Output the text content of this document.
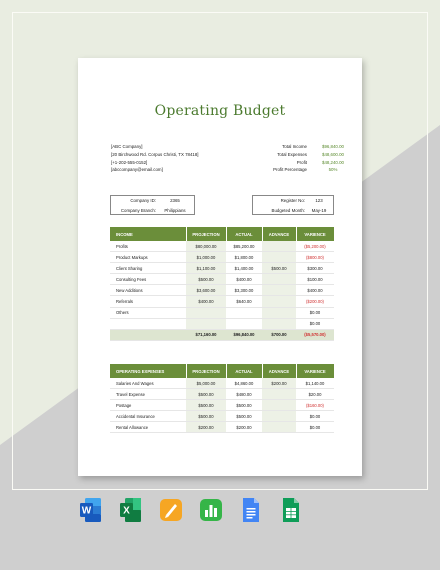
Operating Budget
[ABC Company]
[20 Birchwood Rd. Corpus Christi, TX 78418]
[+1-202-555-0152]
[abccompany@email.com]
Total Income	$96,840.00
Total Expenses	$48,600.00
Profit	$48,240.00
Profit Percentage	50%
Company ID:	2365
Company Branch:	Philippians
Register No:	123
Budgeted Month:	May-19
INCOME	PROJECTION	ACTUAL	ADVANCE	VARIENCE
Profits	$80,000.00	$85,200.00		($5,200.00)
Product Markups	$1,000.00	$1,800.00		($800.00)
Client Sharing	$1,100.00	$1,400.00	$500.00	$300.00
Consulting Fees	$500.00	$400.00		$100.00
New Additions	$3,600.00	$3,300.00		$400.00
Referrals	$400.00	$640.00		($200.00)
Others				$0.00
				$0.00
	$71,160.00	$96,840.00	$700.00	($5,570.00)
OPERATING EXPENSES	PROJECTION	ACTUAL	ADVANCE	VARIENCE
Salaries And Wages	$5,000.00	$4,860.00	$200.00	$1,140.00
Travel Expense	$500.00	$480.00		$20.00
Postage	$500.00	$500.00		($160.00)
Accidental Insurance	$500.00	$500.00		$0.00
Rental Allowance	$200.00	$200.00		$0.00
W	X
